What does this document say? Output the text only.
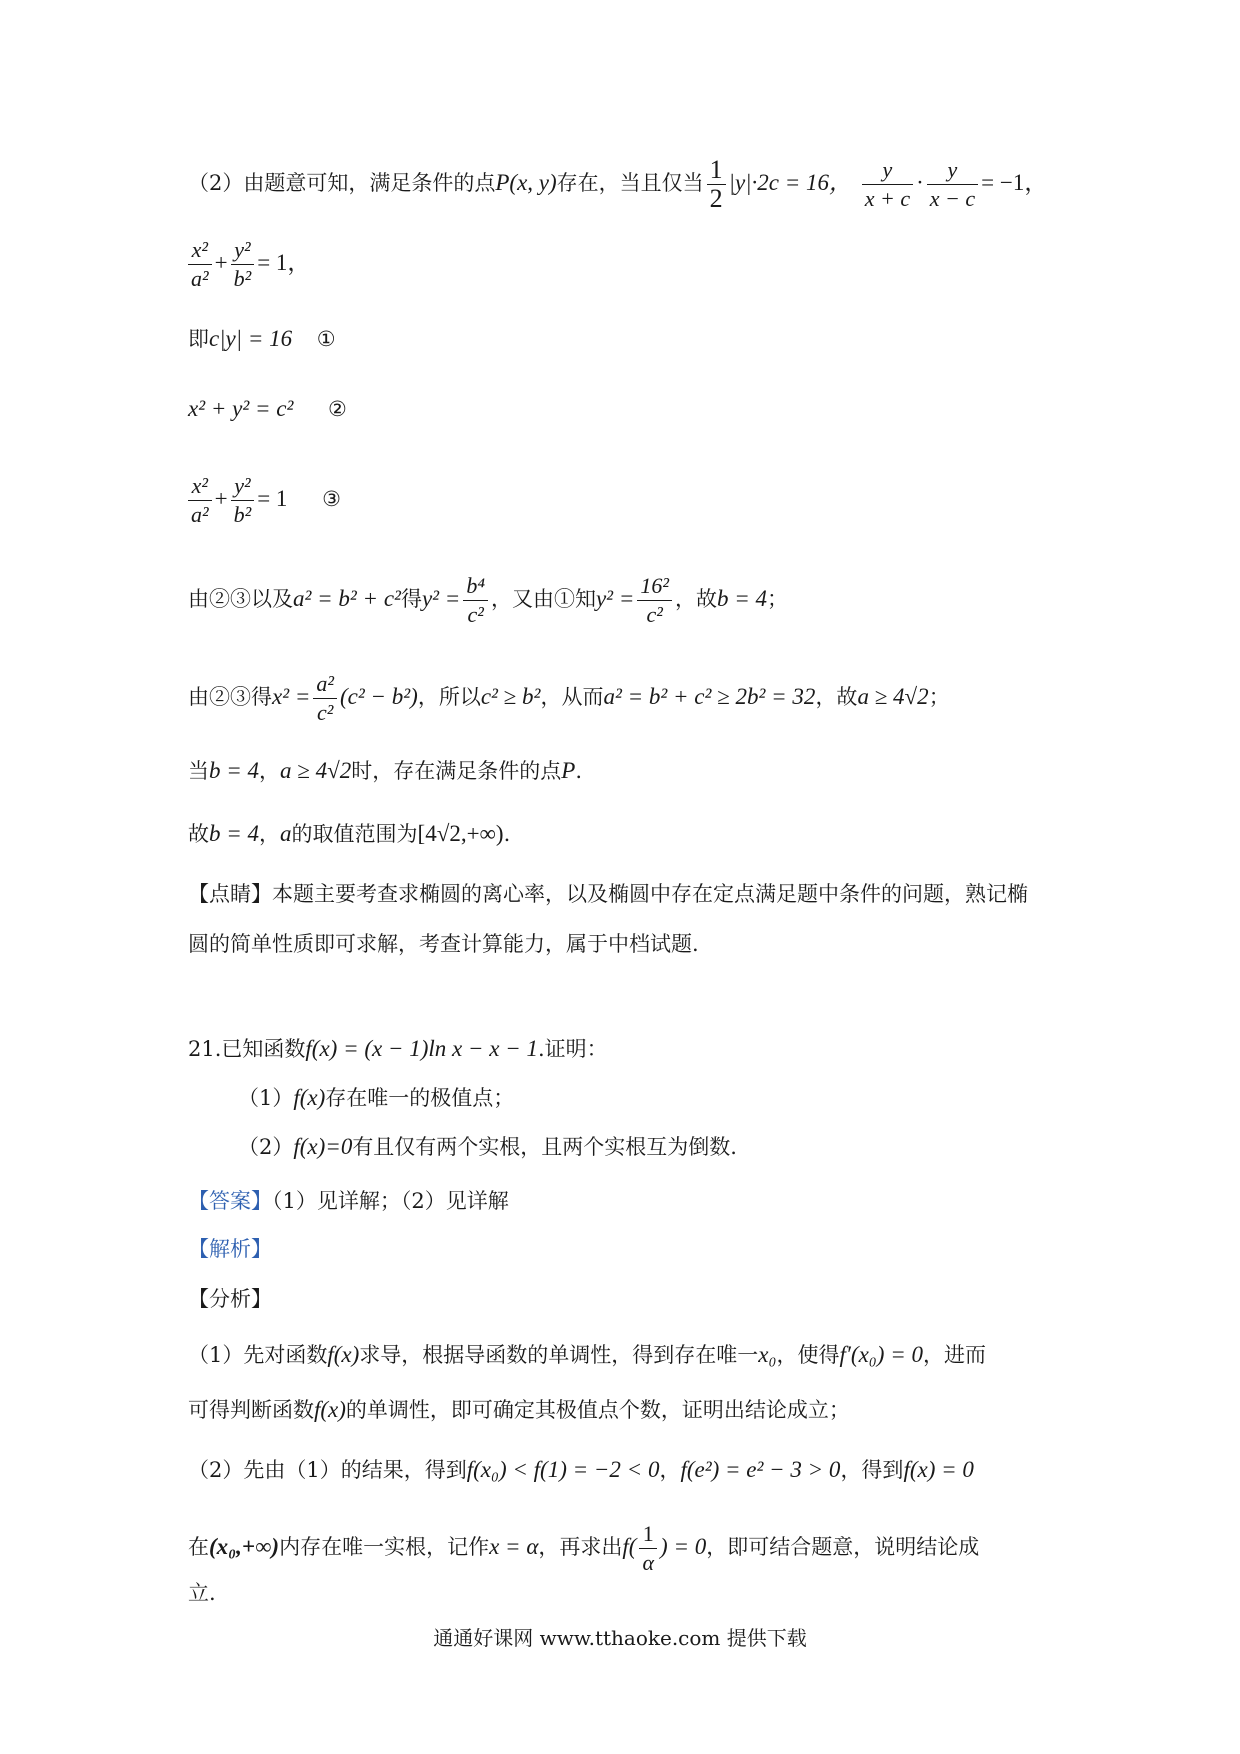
（2）由题意可知，满足条件的点P(x, y)存在，当且仅当 $\frac{1}{2} |y|\cdot 2c = 16$， $\frac{y}{x + c} \cdot \frac{y}{x - c} = -1$，
$\frac{\text{x²}}{\text{a²}} + \frac{\text{y²}}{\text{b²}} = 1$，
即c|y| = 16 ①
x² + y² = c² ②
$\frac{\text{x²}}{\text{a²}} + \frac{\text{y²}}{\text{b²}} = 1$ ③
由②③以及a² = b² + c²得$y^2 = \frac{\text{b⁴}}{\text{c²}}$ ，又由①知$y^2 = \frac{\text{16²}}{\text{c²}}$ ，故b = 4；
由②③得$x^2 = \frac{\text{a²}}{\text{c²}} (c^2 - b^2)$，所以c² ≥ b²，从而a² = b² + c² ≥ 2b² = 32，故a ≥ 4√2；
当b = 4，a ≥ 4√2时，存在满足条件的点P.
故b = 4，a的取值范围为[4√2,+∞).
【点睛】本题主要考查求椭圆的离心率，以及椭圆中存在定点满足题中条件的问题，熟记椭
圆的简单性质即可求解，考查计算能力，属于中档试题.
21.已知函数f(x) = (x − 1)ln x − x − 1.证明：
（1）f(x)存在唯一的极值点；
（2）f(x)=0有且仅有两个实根，且两个实根互为倒数.
【答案】（1）见详解；（2）见详解
【解析】
【分析】
（1）先对函数f(x)求导，根据导函数的单调性，得到存在唯一x₀，使得f′(x₀) = 0，进而
可得判断函数f(x)的单调性，即可确定其极值点个数，证明出结论成立；
（2）先由（1）的结果，得到f(x₀) < f(1) = −2 < 0，f(e²) = e² − 3 > 0，得到f(x) = 0
在(x₀,+∞)内存在唯一实根，记作x = α，再求出$f( \frac{1}{\alpha}$ ) = 0，即可结合题意，说明结论成
立.
通通好课网 www.tthaoke.com 提供下载
